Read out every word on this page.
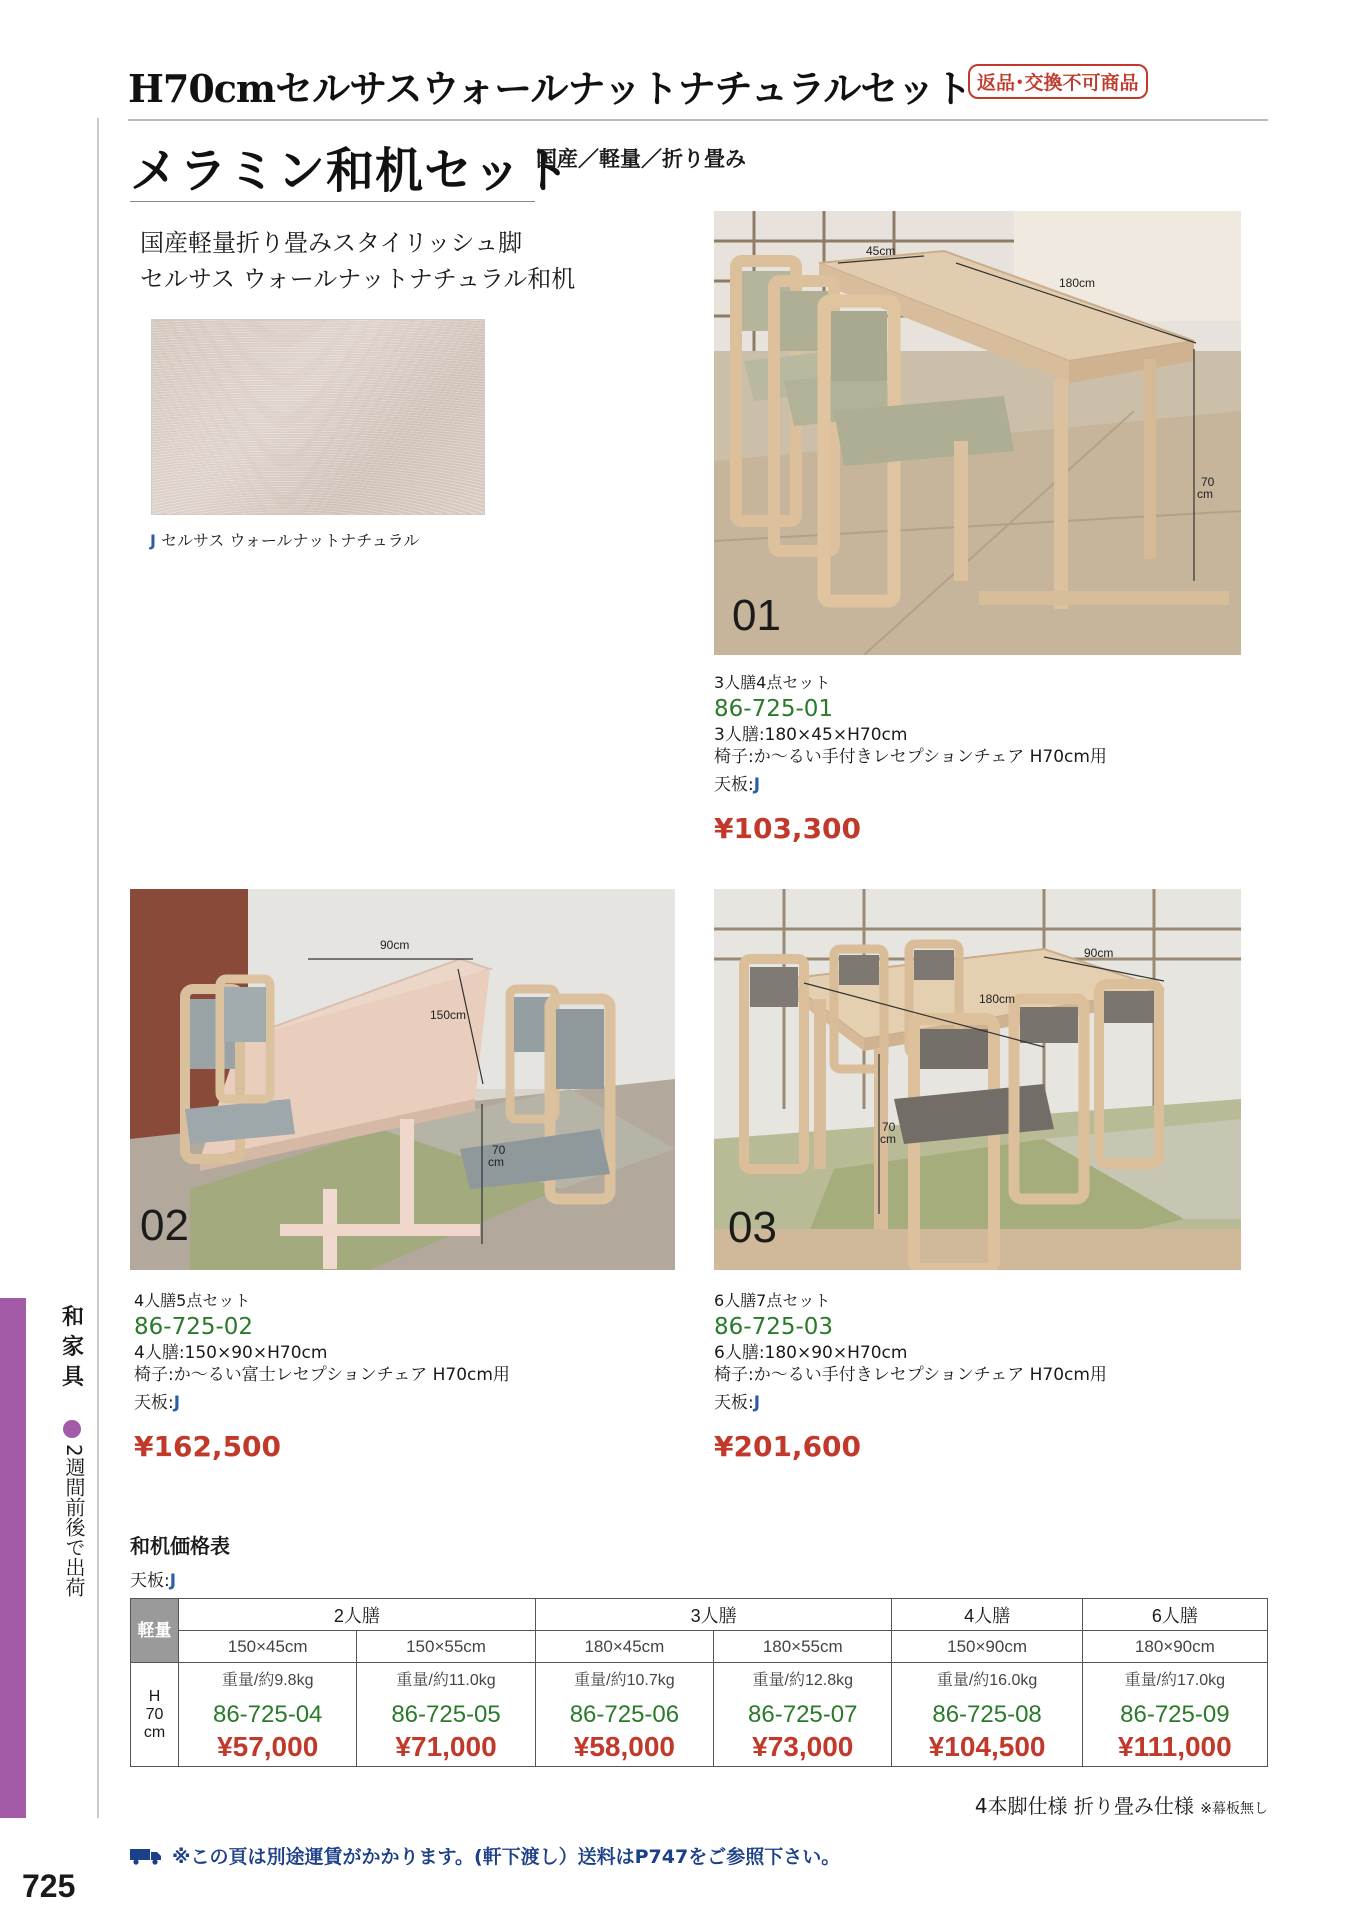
H70cmセルサスウォールナットナチュラルセット 返品･交換不可商品
メラミン和机セット
国産／軽量／折り畳み
国産軽量折り畳みスタイリッシュ脚
セルサス ウォールナットナチュラル和机
J セルサス ウォールナットナチュラル
45cm
180cm
70 cm
01
3人膳4点セット
86-725-01
3人膳:180×45×H70cm
椅子:か～るい手付きレセプションチェア H70cm用
天板:J
¥103,300
90cm
150cm
70 cm
02
90cm
180cm
70 cm
03
4人膳5点セット
86-725-02
4人膳:150×90×H70cm
椅子:か～るい富士レセプションチェア H70cm用
天板:J
¥162,500
6人膳7点セット
86-725-03
6人膳:180×90×H70cm
椅子:か～るい手付きレセプションチェア H70cm用
天板:J
¥201,600
和家具
2週間前後で出荷 和机価格表
天板:J
軽量	2人膳		3人膳		4人膳	6人膳
	150×45cm	150×55cm	180×45cm	180×55cm	150×90cm	180×90cm

H
70
cm	重量/約9.8kg	重量/約11.0kg	重量/約10.7kg	重量/約12.8kg	重量/約16.0kg	重量/約17.0kg
	86-725-04	86-725-05	86-725-06	86-725-07	86-725-08	86-725-09
	¥57,000	¥71,000	¥58,000	¥73,000	¥104,500	¥111,000
4本脚仕様 折り畳み仕様 ※幕板無し
※この頁は別途運賃がかかります。(軒下渡し）送料はP747をご参照下さい。
725
